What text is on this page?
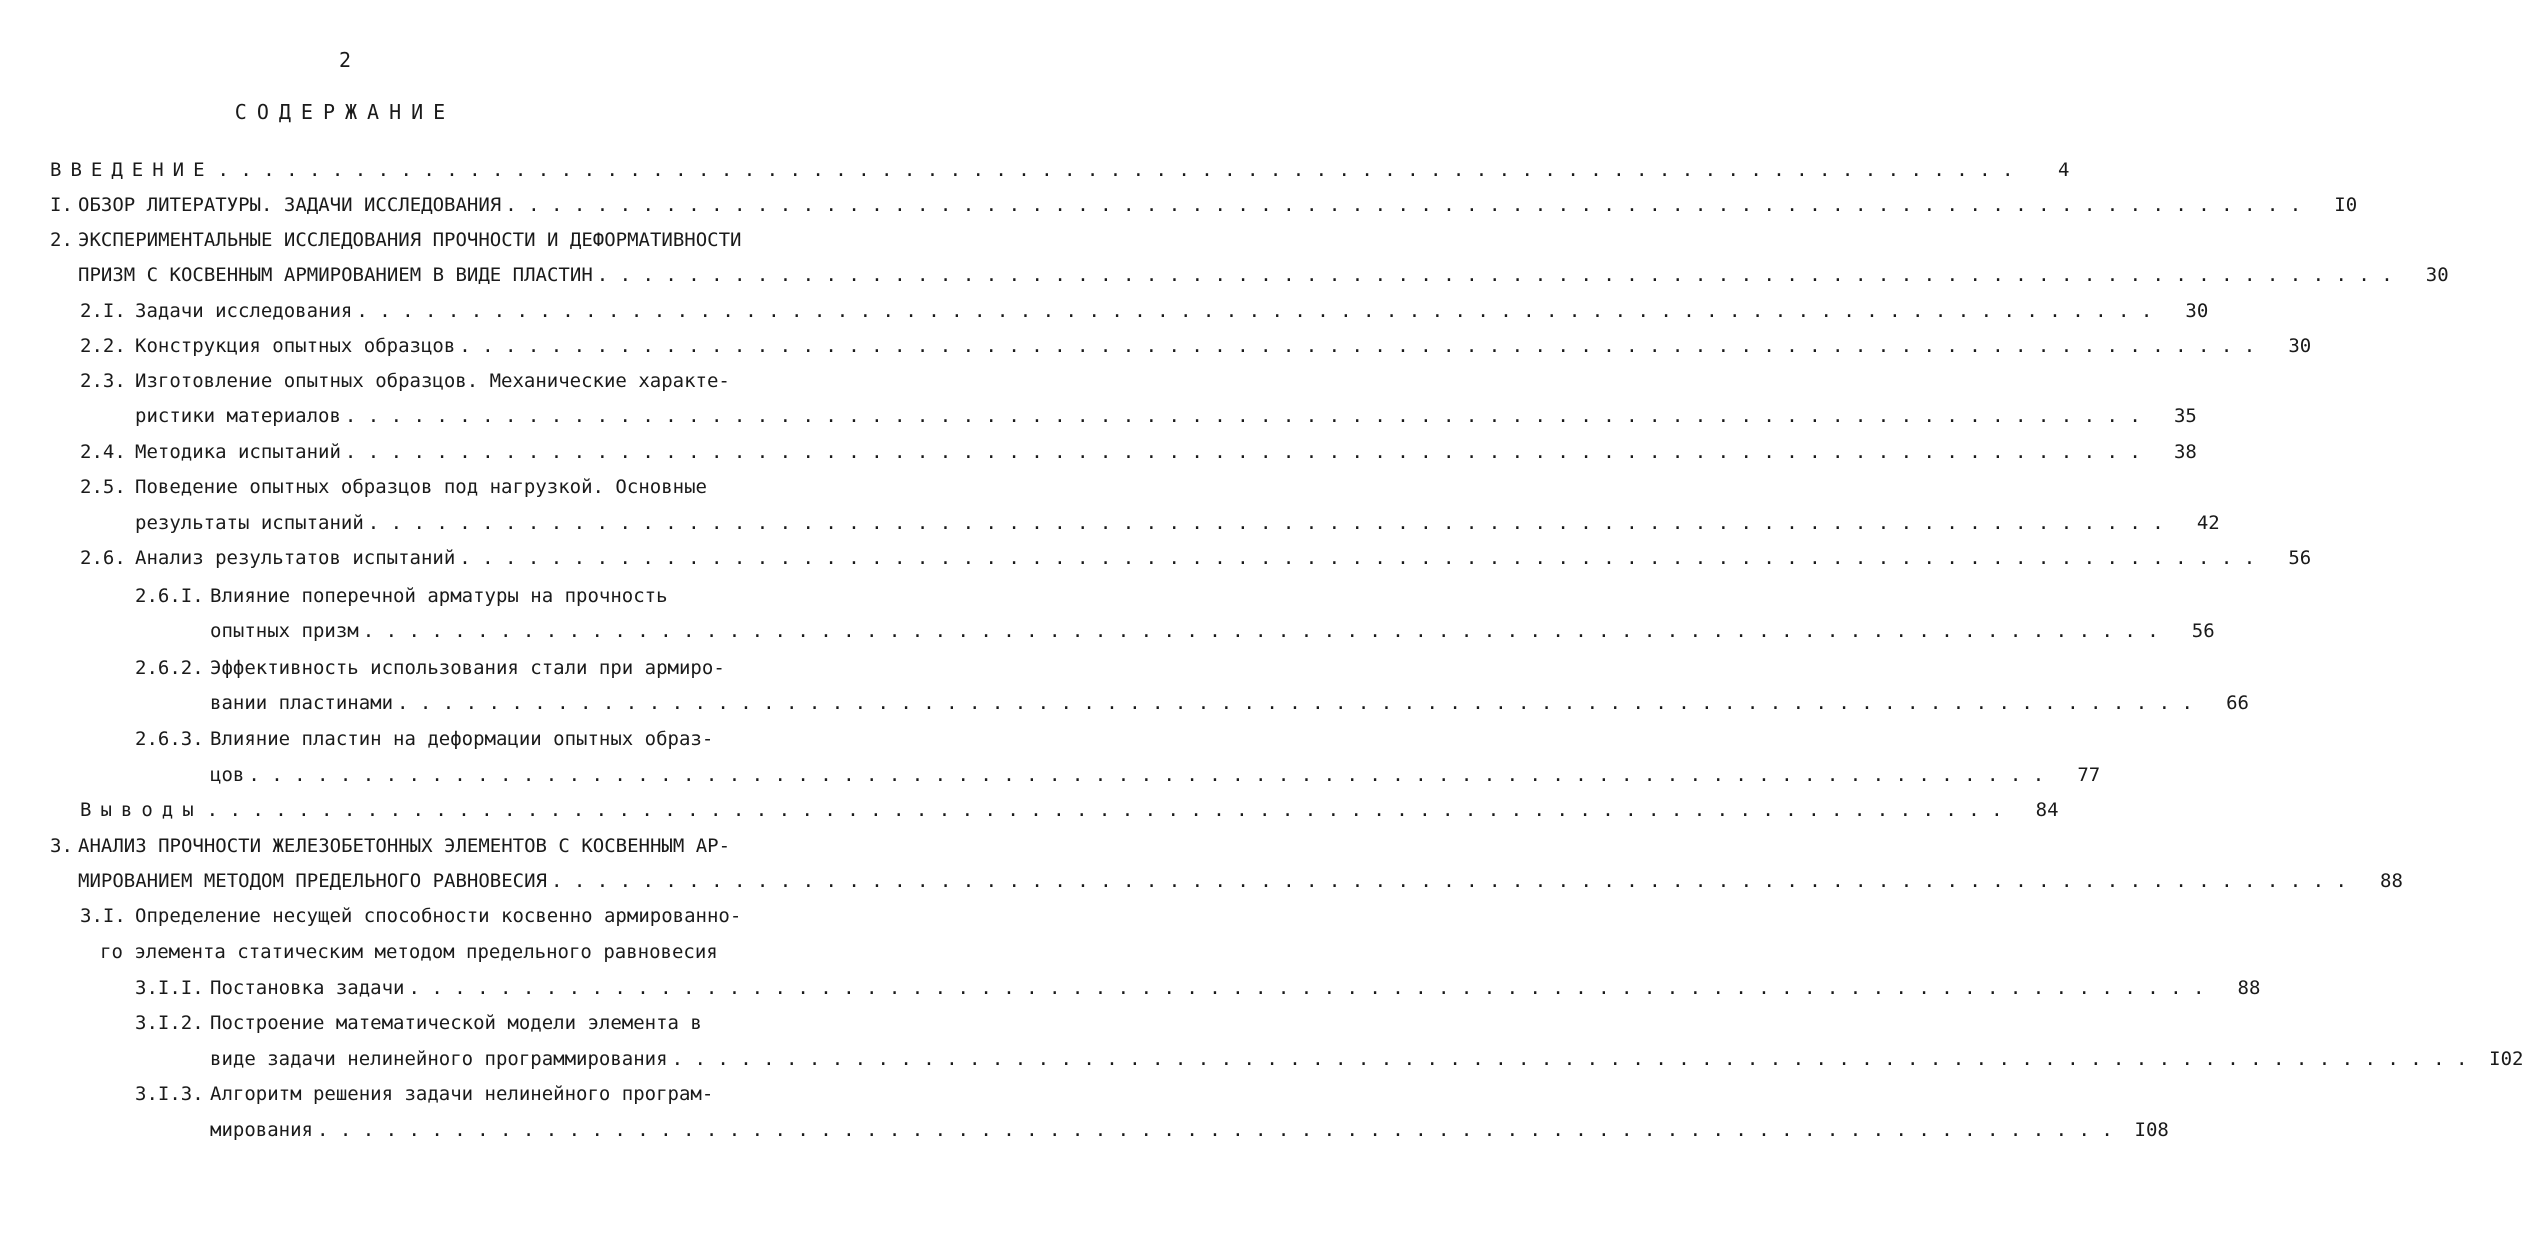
2
СОДЕРЖАНИЕ
ВВЕДЕНИЕ . . . . . . . . . . . . . . . . . . . . . . . . . . . . . . . . . . . . . . . . . . . . . . . . . . . . . . . . . . . . . . . . . . . . . . . . . . . . . . .	4
I. ОБЗОР ЛИТЕРАТУРЫ. ЗАДАЧИ ИССЛЕДОВАНИЯ . . . . . . . . . . . . . . . . . . . . . . . . . . . . . . . . . . . . . . . . . . . . . . . . . . . . . . . . . . . . . . . . . . . . . . . . . . . . . . .	I0
2. ЭКСПЕРИМЕНТАЛЬНЫЕ ИССЛЕДОВАНИЯ ПРОЧНОСТИ И ДЕФОРМАТИВНОСТИ
ПРИЗМ С КОСВЕННЫМ АРМИРОВАНИЕМ В ВИДЕ ПЛАСТИН . . . . . . . . . . . . . . . . . . . . . . . . . . . . . . . . . . . . . . . . . . . . . . . . . . . . . . . . . . . . . . . . . . . . . . . . . . . . . . .	30
2.I. Задачи исследования . . . . . . . . . . . . . . . . . . . . . . . . . . . . . . . . . . . . . . . . . . . . . . . . . . . . . . . . . . . . . . . . . . . . . . . . . . . . . . .	30
2.2. Конструкция опытных образцов . . . . . . . . . . . . . . . . . . . . . . . . . . . . . . . . . . . . . . . . . . . . . . . . . . . . . . . . . . . . . . . . . . . . . . . . . . . . . . .	30
2.3. Изготовление опытных образцов. Механические характе-
ристики материалов . . . . . . . . . . . . . . . . . . . . . . . . . . . . . . . . . . . . . . . . . . . . . . . . . . . . . . . . . . . . . . . . . . . . . . . . . . . . . . .	35
2.4. Методика испытаний . . . . . . . . . . . . . . . . . . . . . . . . . . . . . . . . . . . . . . . . . . . . . . . . . . . . . . . . . . . . . . . . . . . . . . . . . . . . . . .	38
2.5. Поведение опытных образцов под нагрузкой. Основные
результаты испытаний . . . . . . . . . . . . . . . . . . . . . . . . . . . . . . . . . . . . . . . . . . . . . . . . . . . . . . . . . . . . . . . . . . . . . . . . . . . . . . .	42
2.6. Анализ результатов испытаний . . . . . . . . . . . . . . . . . . . . . . . . . . . . . . . . . . . . . . . . . . . . . . . . . . . . . . . . . . . . . . . . . . . . . . . . . . . . . . .	56
2.6.I. Влияние поперечной арматуры на прочность
опытных призм . . . . . . . . . . . . . . . . . . . . . . . . . . . . . . . . . . . . . . . . . . . . . . . . . . . . . . . . . . . . . . . . . . . . . . . . . . . . . . .	56
2.6.2. Эффективность использования стали при армиро-
вании пластинами . . . . . . . . . . . . . . . . . . . . . . . . . . . . . . . . . . . . . . . . . . . . . . . . . . . . . . . . . . . . . . . . . . . . . . . . . . . . . . .	66
2.6.3. Влияние пластин на деформации опытных образ-
цов . . . . . . . . . . . . . . . . . . . . . . . . . . . . . . . . . . . . . . . . . . . . . . . . . . . . . . . . . . . . . . . . . . . . . . . . . . . . . . .	77
Выводы . . . . . . . . . . . . . . . . . . . . . . . . . . . . . . . . . . . . . . . . . . . . . . . . . . . . . . . . . . . . . . . . . . . . . . . . . . . . . . .	84
3. АНАЛИЗ ПРОЧНОСТИ ЖЕЛЕЗОБЕТОННЫХ ЭЛЕМЕНТОВ С КОСВЕННЫМ АР-
МИРОВАНИЕМ МЕТОДОМ ПРЕДЕЛЬНОГО РАВНОВЕСИЯ . . . . . . . . . . . . . . . . . . . . . . . . . . . . . . . . . . . . . . . . . . . . . . . . . . . . . . . . . . . . . . . . . . . . . . . . . . . . . . .	88
3.I. Определение несущей способности косвенно армированно-
го элемента статическим методом предельного равновесия
3.I.I. Постановка задачи . . . . . . . . . . . . . . . . . . . . . . . . . . . . . . . . . . . . . . . . . . . . . . . . . . . . . . . . . . . . . . . . . . . . . . . . . . . . . . .	88
3.I.2. Построение математической модели элемента в
виде задачи нелинейного программирования . . . . . . . . . . . . . . . . . . . . . . . . . . . . . . . . . . . . . . . . . . . . . . . . . . . . . . . . . . . . . . . . . . . . . . . . . . . . . . .	I02
3.I.3. Алгоритм решения задачи нелинейного програм-
мирования . . . . . . . . . . . . . . . . . . . . . . . . . . . . . . . . . . . . . . . . . . . . . . . . . . . . . . . . . . . . . . . . . . . . . . . . . . . . . . .	I08
